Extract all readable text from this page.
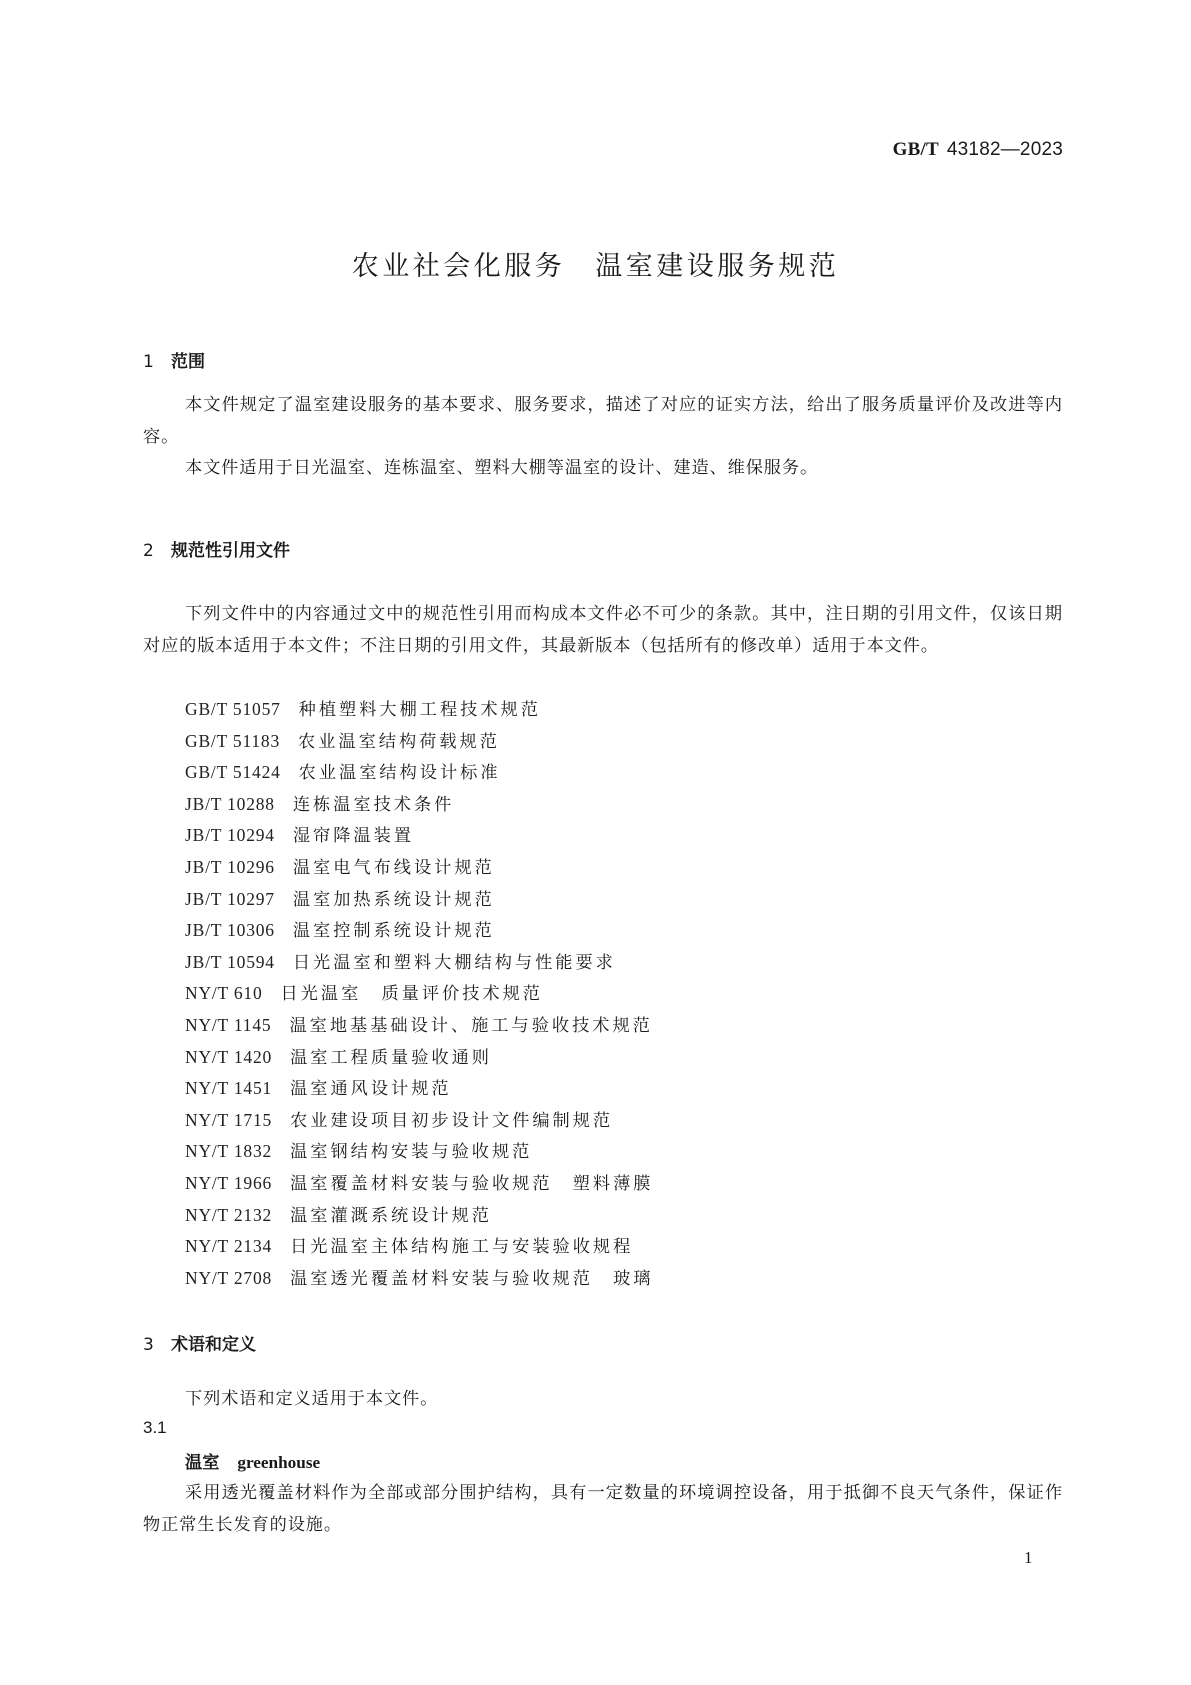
GB/T 43182—2023
农业社会化服务 温室建设服务规范
1 范围

本文件规定了温室建设服务的基本要求、服务要求，描述了对应的证实方法，给出了服务质量评价及改进等内容。

本文件适用于日光温室、连栋温室、塑料大棚等温室的设计、建造、维保服务。

2 规范性引用文件

下列文件中的内容通过文中的规范性引用而构成本文件必不可少的条款。其中，注日期的引用文件，仅该日期对应的版本适用于本文件；不注日期的引用文件，其最新版本（包括所有的修改单）适用于本文件。

GB/T 51057 种植塑料大棚工程技术规范
GB/T 51183 农业温室结构荷载规范
GB/T 51424 农业温室结构设计标准
JB/T 10288 连栋温室技术条件
JB/T 10294 湿帘降温装置
JB/T 10296 温室电气布线设计规范
JB/T 10297 温室加热系统设计规范
JB/T 10306 温室控制系统设计规范
JB/T 10594 日光温室和塑料大棚结构与性能要求
NY/T 610 日光温室　质量评价技术规范
NY/T 1145 温室地基基础设计、施工与验收技术规范
NY/T 1420 温室工程质量验收通则
NY/T 1451 温室通风设计规范
NY/T 1715 农业建设项目初步设计文件编制规范
NY/T 1832 温室钢结构安装与验收规范
NY/T 1966 温室覆盖材料安装与验收规范　塑料薄膜
NY/T 2132 温室灌溉系统设计规范
NY/T 2134 日光温室主体结构施工与安装验收规程
NY/T 2708 温室透光覆盖材料安装与验收规范　玻璃
3 术语和定义

下列术语和定义适用于本文件。

3.1
温室 greenhouse

采用透光覆盖材料作为全部或部分围护结构，具有一定数量的环境调控设备，用于抵御不良天气条件，保证作物正常生长发育的设施。

1
